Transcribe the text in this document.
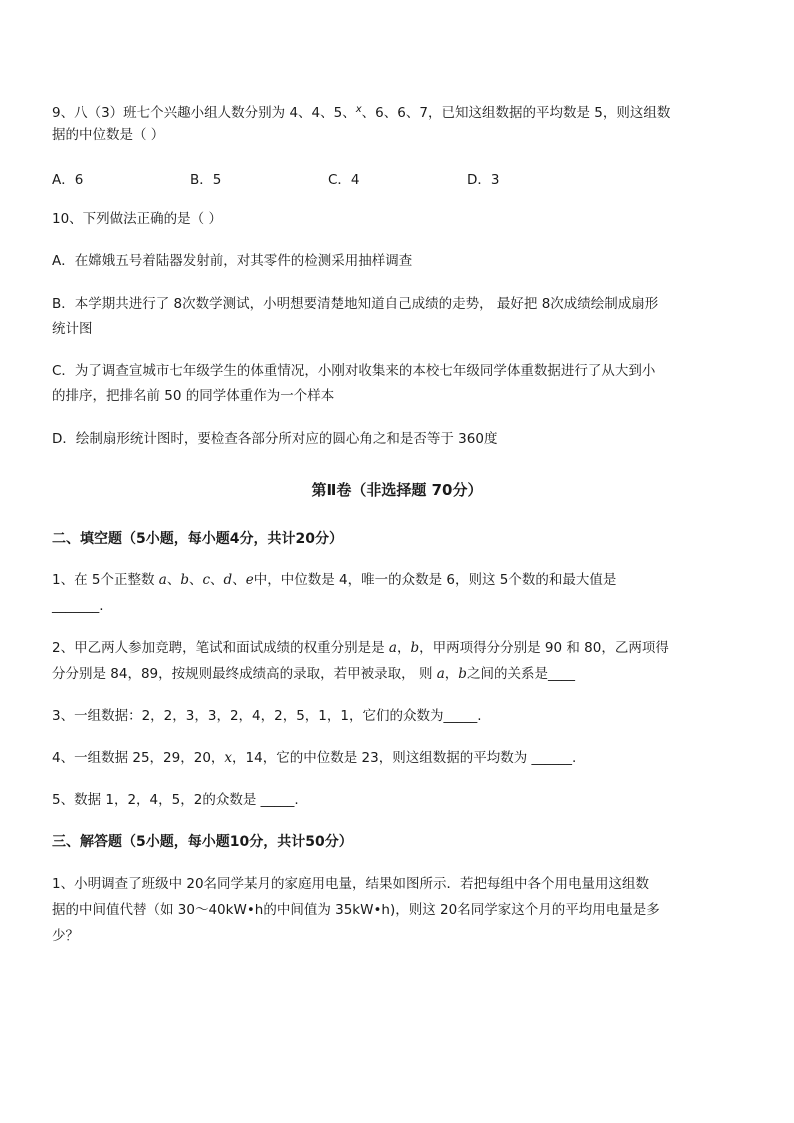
9、八（3）班七个兴趣小组人数分别为 4、4、5、$^x$、6、6、7，已知这组数据的平均数是 5，则这组数
据的中位数是（ ）
A．6	B．5	C．4	D．3
10、下列做法正确的是（ ）
A．在嫦娥五号着陆器发射前，对其零件的检测采用抽样调查
B．本学期共进行了 8次数学测试，小明想要清楚地知道自己成绩的走势， 最好把 8次成绩绘制成扇形
统计图
C．为了调查宣城市七年级学生的体重情况，小刚对收集来的本校七年级同学体重数据进行了从大到小
的排序，把排名前 50 的同学体重作为一个样本
D．绘制扇形统计图时，要检查各部分所对应的圆心角之和是否等于 360度
第Ⅱ卷（非选择题 70分）
二、填空题（5小题，每小题4分，共计20分）
1、在 5个正整数 a、b、c、d、e中，中位数是 4，唯一的众数是 6，则这 5个数的和最大值是
_______.
2、甲乙两人参加竞聘，笔试和面试成绩的权重分别是是 a，b，甲两项得分分别是 90 和 80，乙两项得
分分别是 84，89，按规则最终成绩高的录取，若甲被录取， 则 a，b之间的关系是____
3、一组数据：2，2，3，3，2，4，2，5，1，1，它们的众数为_____.
4、一组数据 25，29，20，x，14，它的中位数是 23，则这组数据的平均数为 ______.
5、数据 1，2，4，5，2的众数是 _____.
三、解答题（5小题，每小题10分，共计50分）
1、小明调查了班级中 20名同学某月的家庭用电量，结果如图所示．若把每组中各个用电量用这组数
据的中间值代替（如 30～40kW•h的中间值为 35kW•h)，则这 20名同学家这个月的平均用电量是多
少？
